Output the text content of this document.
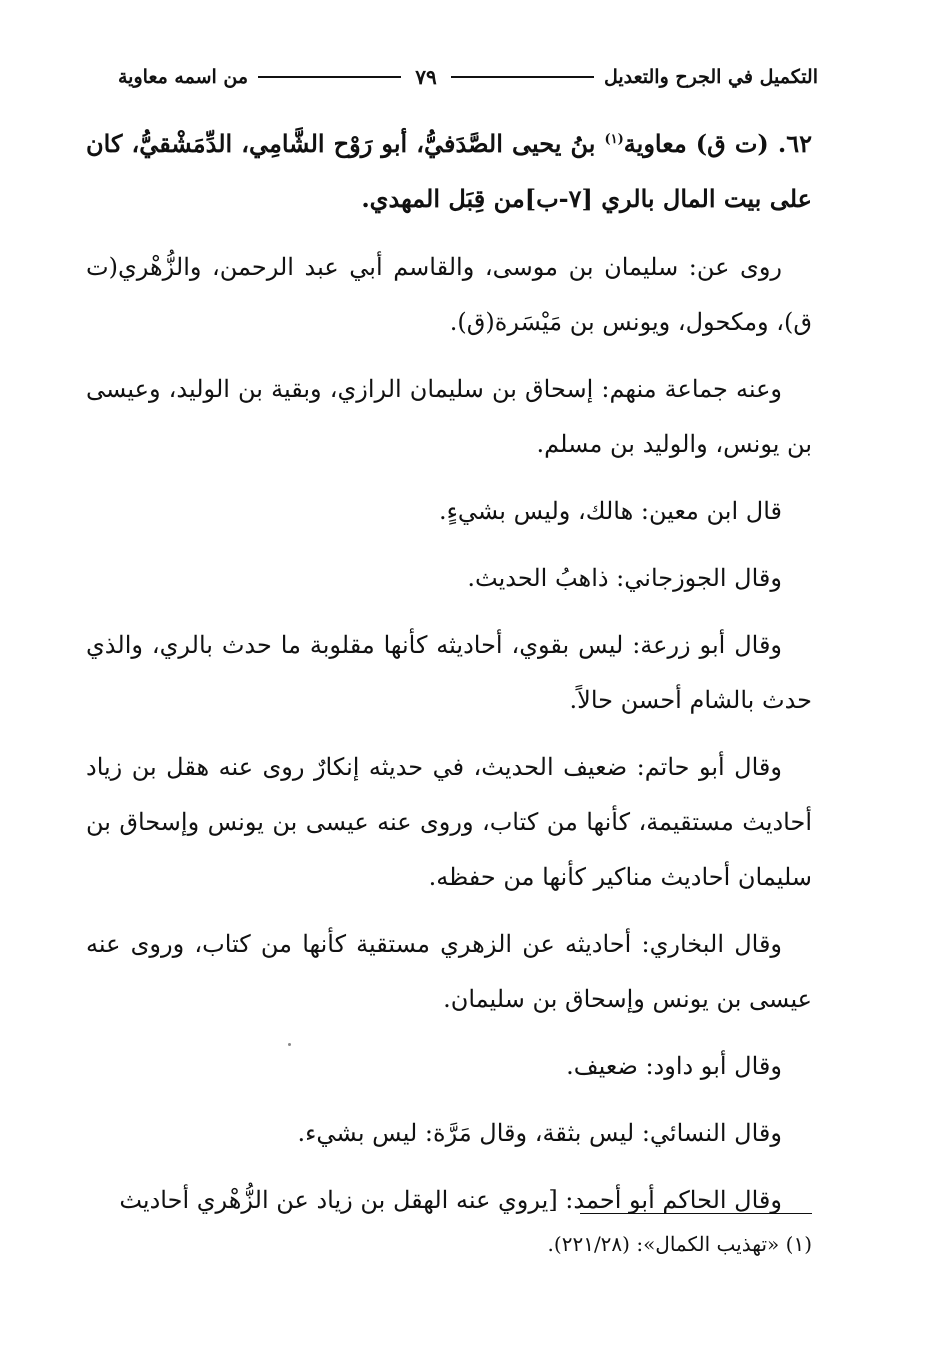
التكميل في الجرح والتعديل
٧٩
من اسمه معاوية

٦٢. (ت ق) معاوية$^{(١)}$ بنُ يحيى الصَّدَفيُّ، أبو رَوْح الشَّامِي، الدِّمَشْقيُّ، كان على بيت المال بالري [٧-ب]من قِبَل المهدي.

روى عن: سليمان بن موسى، والقاسم أبي عبد الرحمن، والزُّهْري(ت ق)، ومكحول، ويونس بن مَيْسَرة(ق).

وعنه جماعة منهم: إسحاق بن سليمان الرازي، وبقية بن الوليد، وعيسى بن يونس، والوليد بن مسلم.

قال ابن معين: هالك، وليس بشيءٍ.

وقال الجوزجاني: ذاهبُ الحديث.

وقال أبو زرعة: ليس بقوي، أحاديثه كأنها مقلوبة ما حدث بالري، والذي حدث بالشام أحسن حالاً.

وقال أبو حاتم: ضعيف الحديث، في حديثه إنكارٌ روى عنه هقل بن زياد أحاديث مستقيمة، كأنها من كتاب، وروى عنه عيسى بن يونس وإسحاق بن سليمان أحاديث مناكير كأنها من حفظه.

وقال البخاري: أحاديثه عن الزهري مستقية كأنها من كتاب، وروى عنه عيسى بن يونس وإسحاق بن سليمان.

وقال أبو داود: ضعيف.

وقال النسائي: ليس بثقة، وقال مَرَّة: ليس بشيء.

وقال الحاكم أبو أحمد: [يروي عنه الهقل بن زياد عن الزُّهْري أحاديث

(١) «تهذيب الكمال»: (٢٢١/٢٨).
